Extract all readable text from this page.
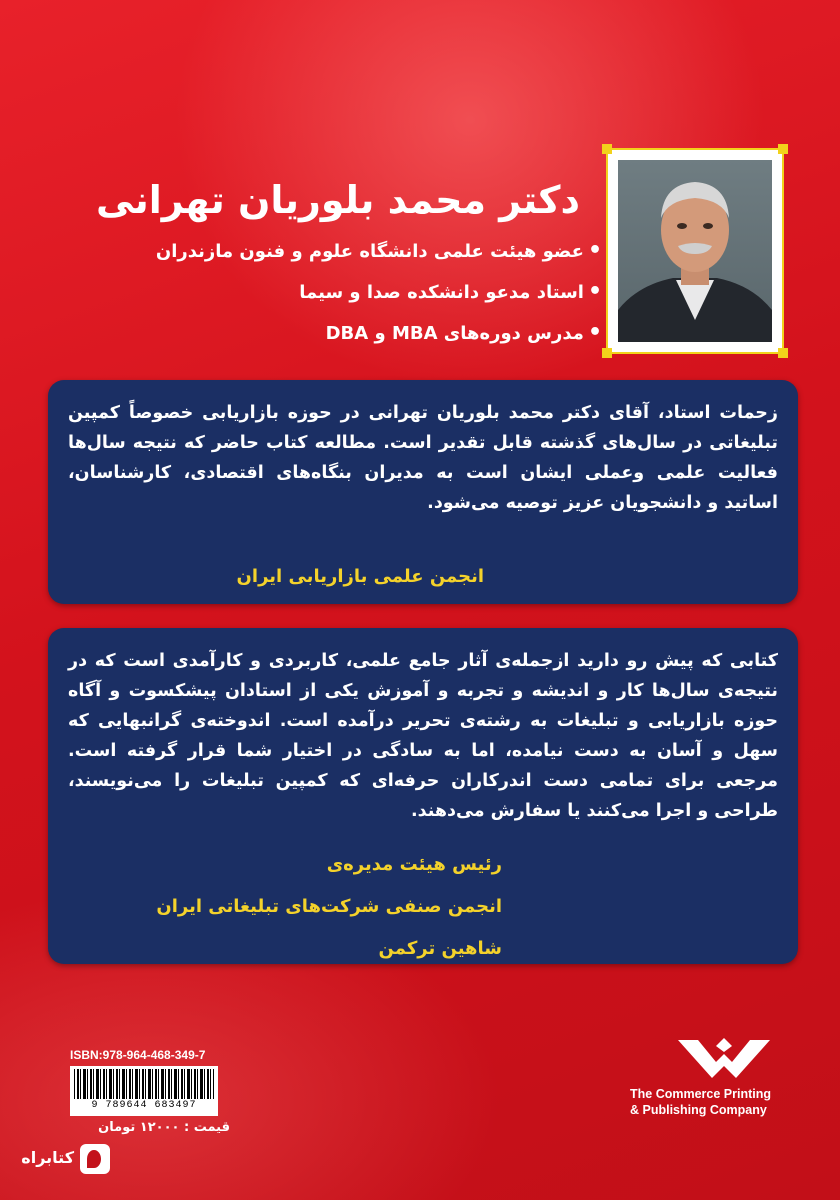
دکتر محمد بلوریان تهرانی
•عضو هیئت علمی دانشگاه علوم و فنون مازندران
•استاد مدعو دانشکده صدا و سیما
•مدرس دوره‌های MBA و DBA

زحمات استاد، آقای دکتر محمد بلوریان تهرانی در حوزه بازاریابی خصوصاً کمپین تبلیغاتی در سال‌های گذشته قابل تقدیر است. مطالعه کتاب حاضر که نتیجه سال‌ها فعالیت علمی وعملی ایشان است به مدیران بنگاه‌های اقتصادی، کارشناسان، اساتید و دانشجویان عزیز توصیه می‌شود.

انجمن علمی بازاریابی ایران

کتابی که پیش رو دارید ازجمله‌ی آثار جامع علمی، کاربردی و کارآمدی است که در نتیجه‌ی سال‌ها کار و اندیشه و تجربه و آموزش یکی از استادان پیشکسوت و آگاه حوزه بازاریابی و تبلیغات به رشته‌ی تحریر درآمده است. اندوخته‌ی گرانبهایی که سهل و آسان به دست نیامده، اما به سادگی در اختیار شما قرار گرفته است. مرجعی برای تمامی دست اندرکاران حرفه‌ای که کمپین تبلیغات را می‌نویسند، طراحی و اجرا می‌کنند یا سفارش می‌دهند.

رئیس هیئت مدیره‌ی
انجمن صنفی شرکت‌های تبلیغاتی ایران
شاهین ترکمن
ISBN:978-964-468-349-7
9 789644 683497
قیمت : ۱۲۰۰۰ تومان
The Commerce Printing
& Publishing Company
کتابراه
